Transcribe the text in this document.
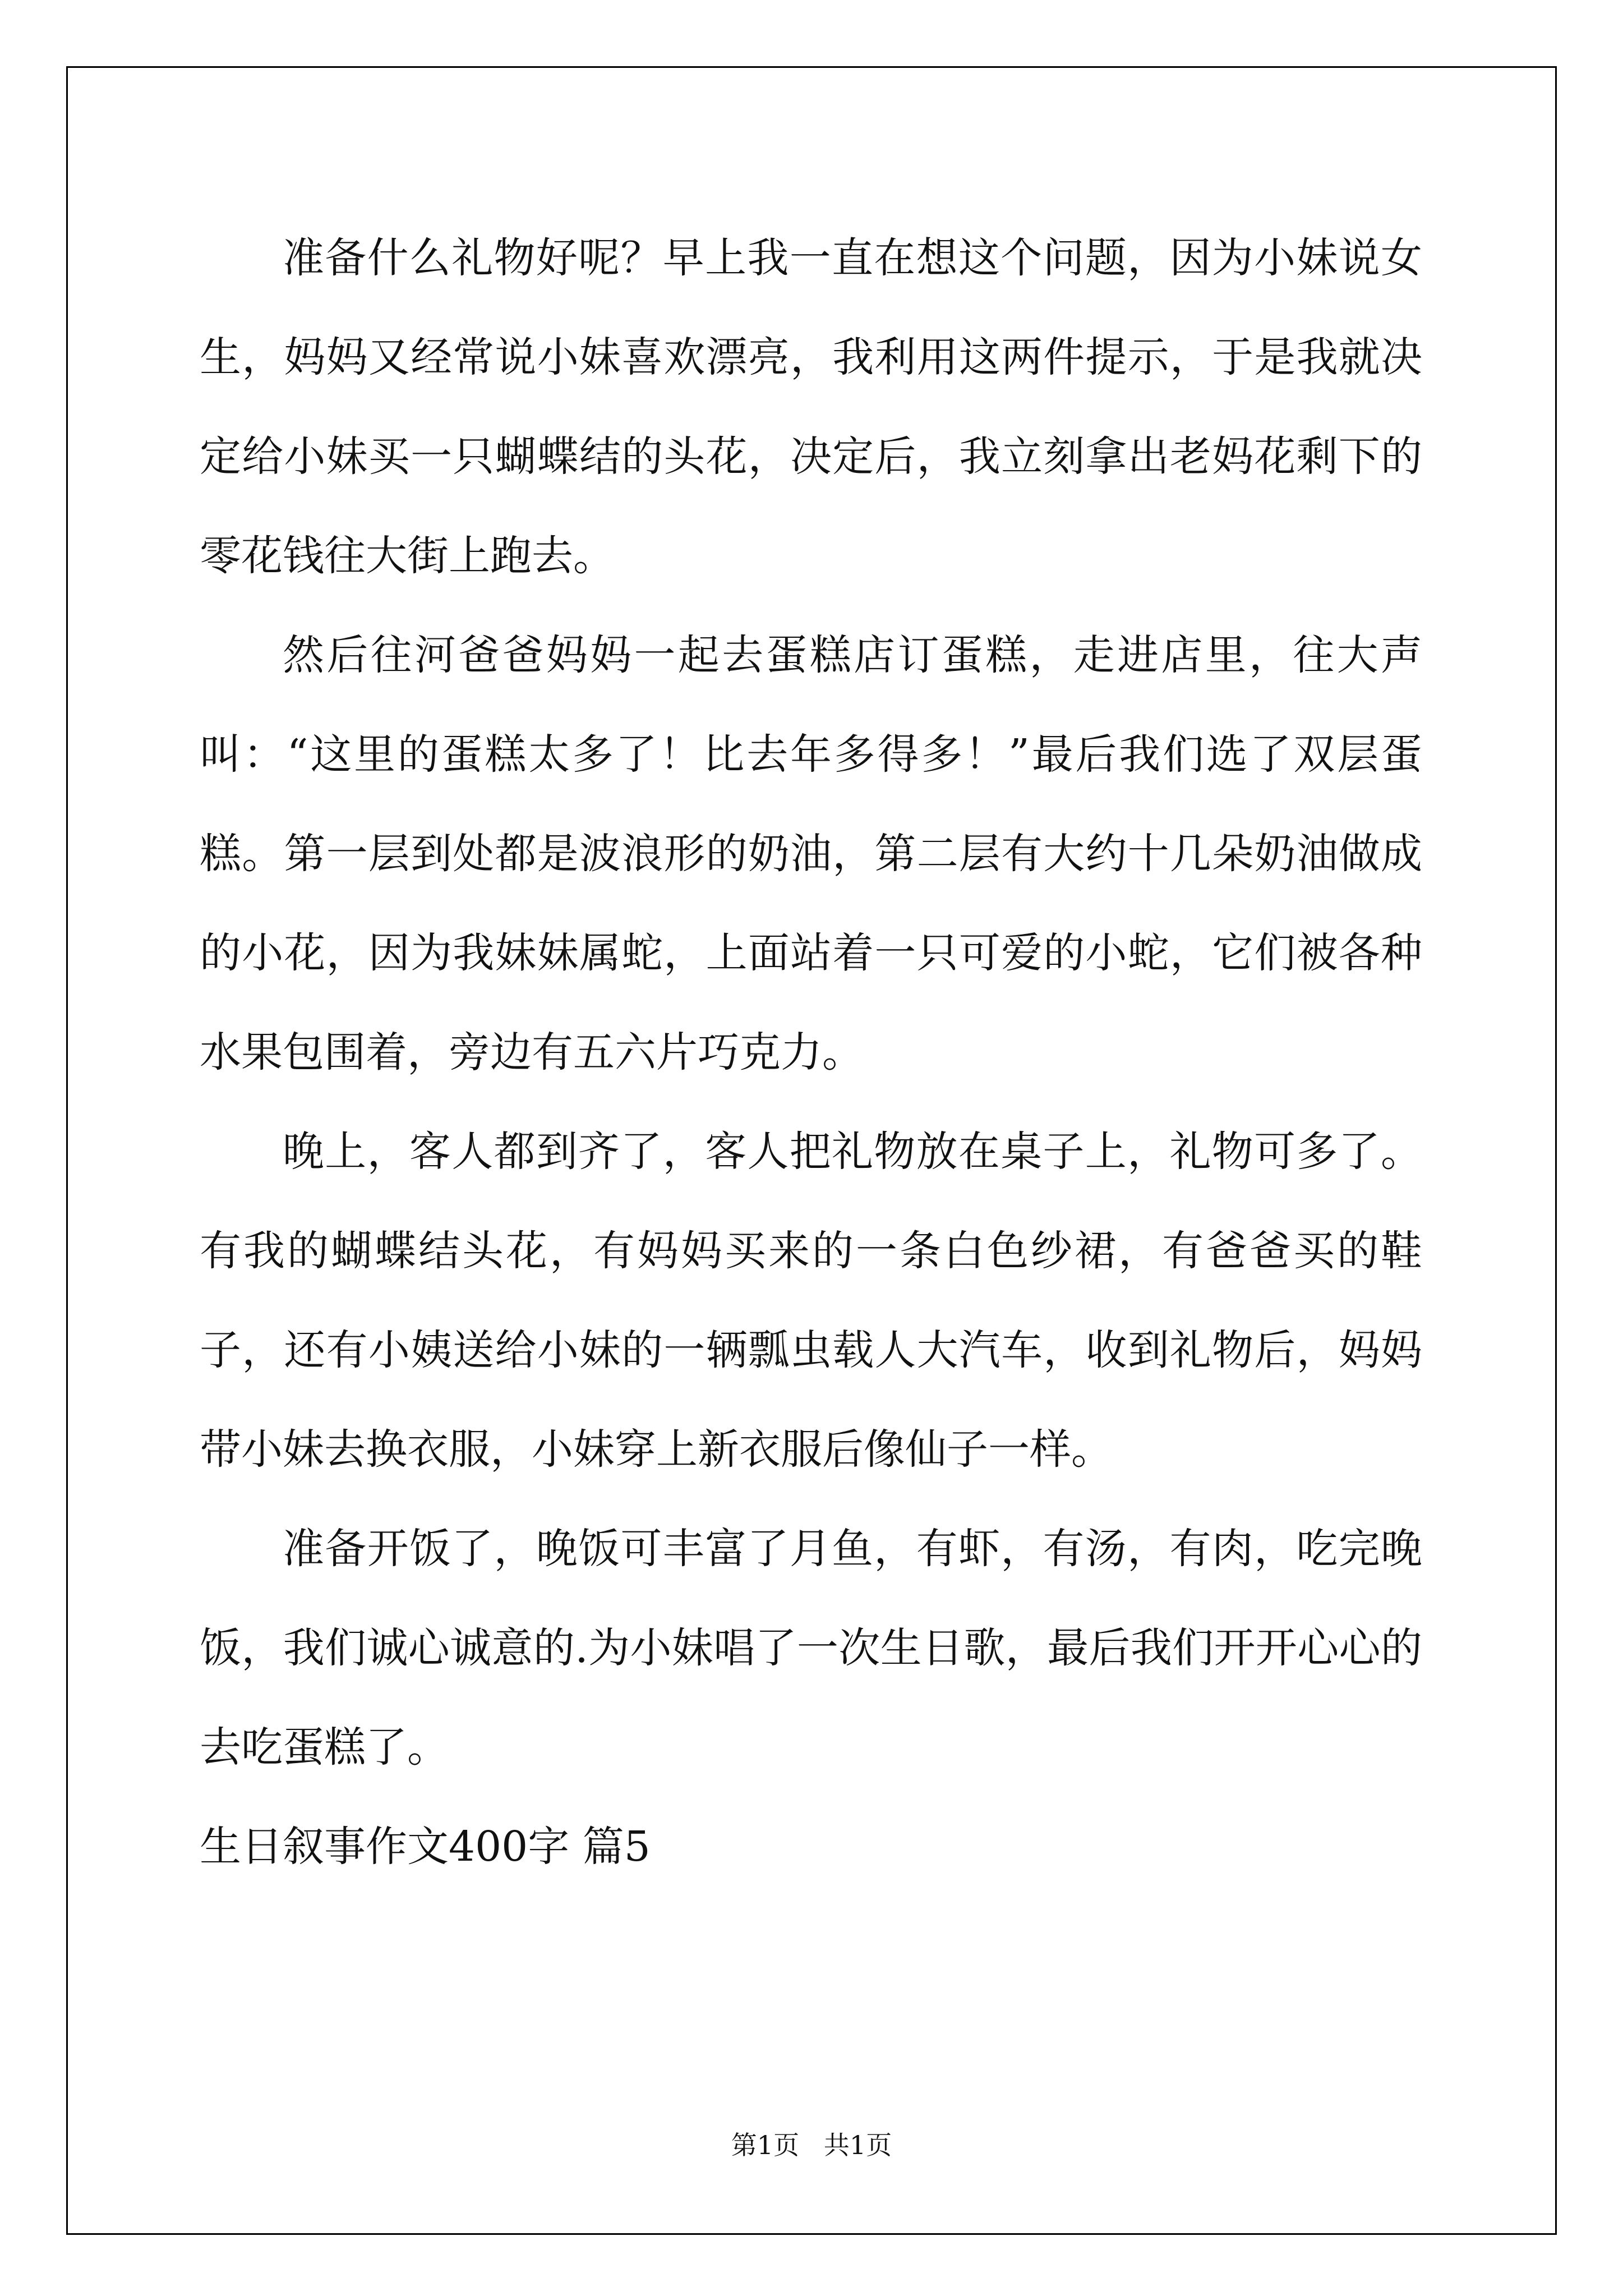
准备什么礼物好呢？早上我一直在想这个问题，因为小妹说女生，妈妈又经常说小妹喜欢漂亮，我利用这两件提示，于是我就决定给小妹买一只蝴蝶结的头花，决定后，我立刻拿出老妈花剩下的零花钱往大街上跑去。

然后往河爸爸妈妈一起去蛋糕店订蛋糕，走进店里，往大声叫：“这里的蛋糕太多了！比去年多得多！”最后我们选了双层蛋糕。第一层到处都是波浪形的奶油，第二层有大约十几朵奶油做成的小花，因为我妹妹属蛇，上面站着一只可爱的小蛇，它们被各种水果包围着，旁边有五六片巧克力。

晚上，客人都到齐了，客人把礼物放在桌子上，礼物可多了。有我的蝴蝶结头花，有妈妈买来的一条白色纱裙，有爸爸买的鞋子，还有小姨送给小妹的一辆瓢虫载人大汽车，收到礼物后，妈妈带小妹去换衣服，小妹穿上新衣服后像仙子一样。

准备开饭了，晚饭可丰富了月鱼，有虾，有汤，有肉，吃完晚饭，我们诚心诚意的.为小妹唱了一次生日歌，最后我们开开心心的去吃蛋糕了。

生日叙事作文400字 篇5

第1页   共1页
